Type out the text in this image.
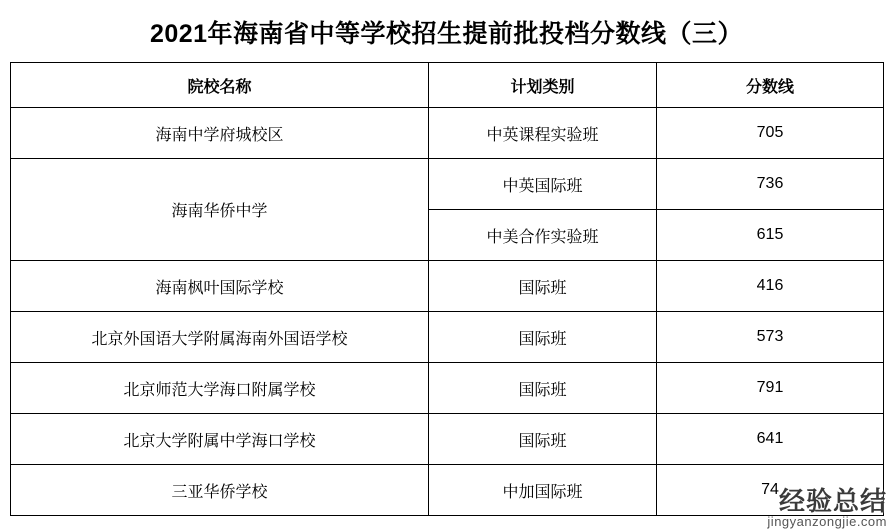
2021年海南省中等学校招生提前批投档分数线（三）
院校名称	计划类别	分数线
海南中学府城校区	中英课程实验班	705
海南华侨中学	中英国际班	736
	中美合作实验班	615
海南枫叶国际学校	国际班	416
北京外国语大学附属海南外国语学校	国际班	573
北京师范大学海口附属学校	国际班	791
北京大学附属中学海口学校	国际班	641
三亚华侨学校	中加国际班	74 经验总结
jingyanzongjie.com
